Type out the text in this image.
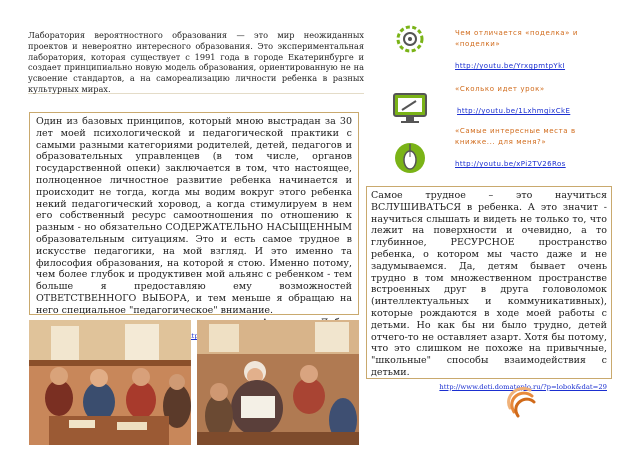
Лаборатория вероятностного образования — это мир неожиданных проектов и невероятно интересного образования. Это экспериментальная лаборатория, которая существует с 1991 года в городе Екатеринбурге и создает принципиально новую модель образования, ориентированную не на усвоение стандартов, а на самореализацию личности ребенка в разных культурных мирах.

Один из базовых принципов, который мною выстрадан за 30 лет моей психологической и педагогической практики с самыми разными категориями родителей, детей, педагогов и образовательных управленцев (в том числе, органов государственной опеки) заключается в том, что настоящее, полноценное личностное развитие ребенка начинается и происходит не тогда, когда мы водим вокруг этого ребенка некий педагогический хоровод, а когда стимулируем в нем его собственный ресурс самоотношения по отношению к разным - но обязательно СОДЕРЖАТЕЛЬНО НАСЫЩЕННЫМ образовательным ситуациям. Это и есть самое трудное в искусстве педагогики, на мой взгляд. И это именно та философия образования, на которой я стою. Именно потому, чем более глубок и продуктивен мой альянс с ребенком - тем больше я предоставляю ему возможностей ОТВЕТСТВЕННОГО ВЫБОРА, и тем меньше я обращаю на него специальное "педагогическое" внимание.

Чем отличается «поделка» и «поделки»
http://youtu.be/YrxgpmtpYkI
«Сколько идет урок»
http://youtu.be/1LxhmgixCkE
«Самые интересные места в книжке... для меня?»
http://youtu.be/xPi2TV26Ros

Самое трудное – это научиться ВСЛУШИВАТЬСЯ в ребенка. А это значит - научиться слышать и видеть не только то, что лежит на поверхности и очевидно, а то глубинное, РЕСУРСНОЕ пространство ребенка, о котором мы часто даже и не задумываемся. Да, детям бывает очень трудно в том множественном пространстве встроенных друг в друга головоломок (интеллектуальных и коммуникативных), которые рождаются в ходе моей работы с детьми. Но как бы ни было трудно, детей отчего-то не оставляет азарт. Хотя бы потому, что это слишком не похоже на привычные, "школьные" способы взаимодействия с детьми.

http://www.deti.domateplo.ru/?p=lobok&dat=29
